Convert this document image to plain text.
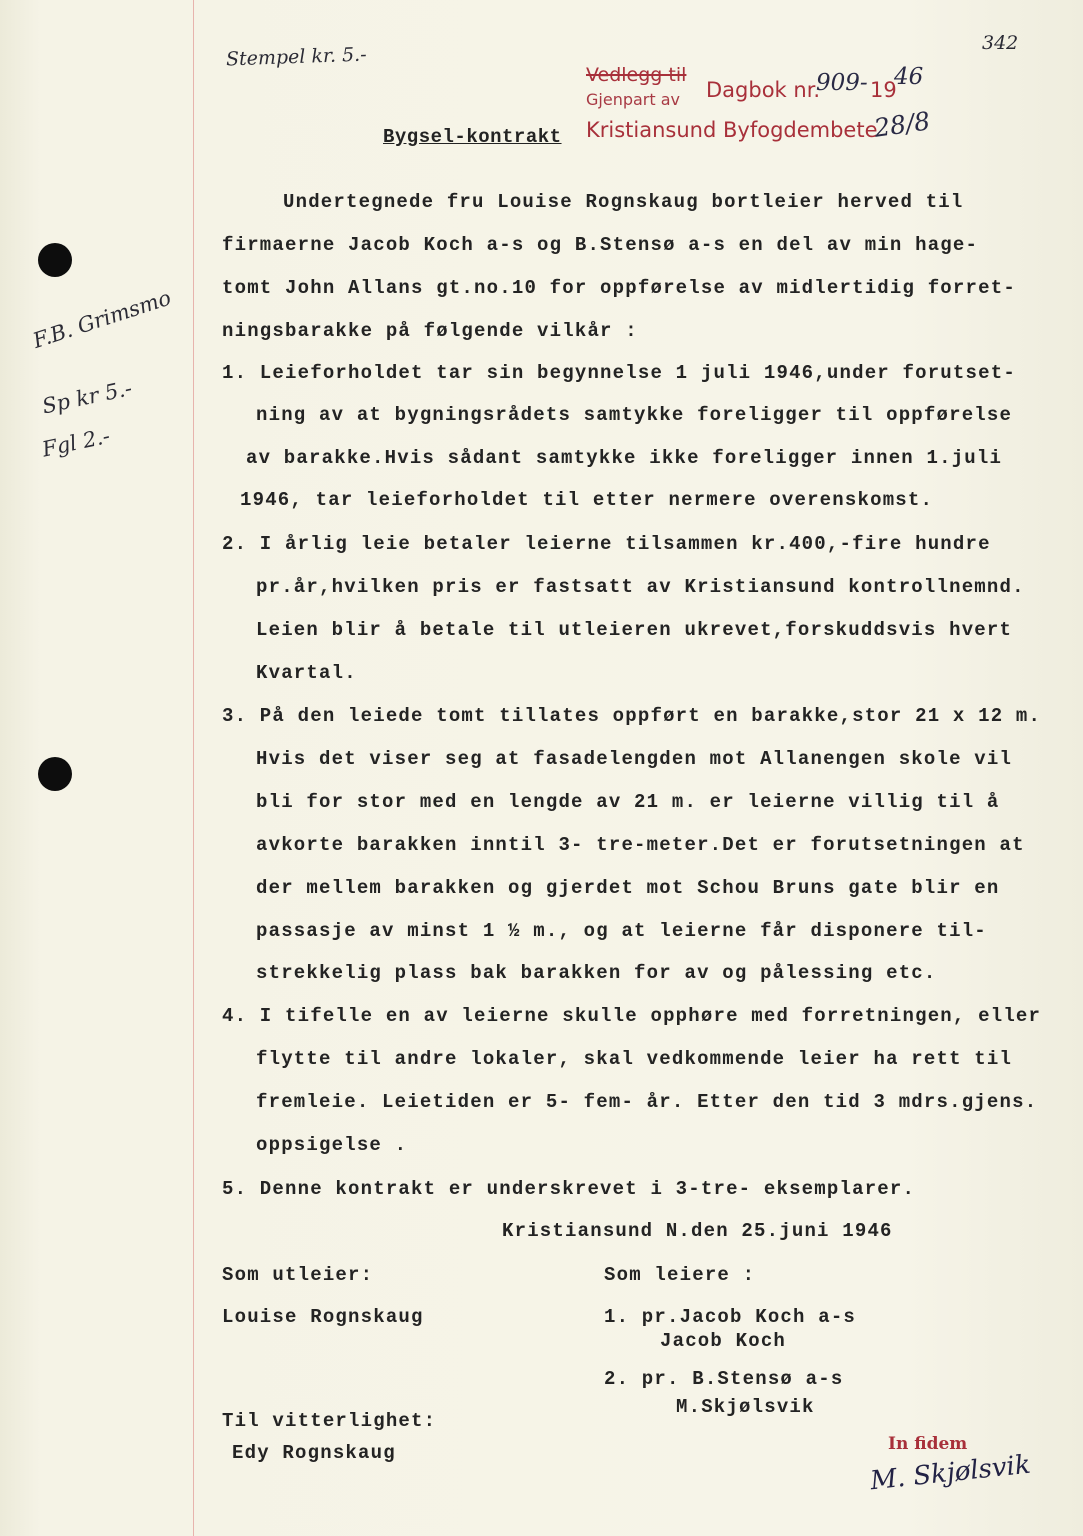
Stempel kr. 5.-
342
F.B. Grimsmo
Sp kr 5.-
Fgl 2.-
Vedlegg til
Gjenpart av Dagbok nr.
909- 19
46
Kristiansund Byfogdembete
28/8
Bygsel-kontrakt
Undertegnede fru Louise Rognskaug bortleier herved til
firmaerne Jacob Koch a-s og B.Stensø a-s en del av min hage-
tomt John Allans gt.no.10 for oppførelse av midlertidig forret-
ningsbarakke på følgende vilkår :
1. Leieforholdet tar sin begynnelse 1 juli 1946,under forutset-
ning av at bygningsrådets samtykke foreligger til oppførelse
av barakke.Hvis sådant samtykke ikke foreligger innen 1.juli
1946, tar leieforholdet til etter nermere overenskomst.
2. I årlig leie betaler leierne tilsammen kr.400,-fire hundre
pr.år,hvilken pris er fastsatt av Kristiansund kontrollnemnd.
Leien blir å betale til utleieren ukrevet,forskuddsvis hvert
Kvartal.
3. På den leiede tomt tillates oppført en barakke,stor 21 x 12 m.
Hvis det viser seg at fasadelengden mot Allanengen skole vil
bli for stor med en lengde av 21 m. er leierne villig til å
avkorte barakken inntil 3- tre-meter.Det er forutsetningen at
der mellem barakken og gjerdet mot Schou Bruns gate blir en
passasje av minst 1 ½ m., og at leierne får disponere til-
strekkelig plass bak barakken for av og pålessing etc.
4. I tifelle en av leierne skulle opphøre med forretningen, eller
flytte til andre lokaler, skal vedkommende leier ha rett til
fremleie. Leietiden er 5- fem- år. Etter den tid 3 mdrs.gjens.
oppsigelse .
5. Denne kontrakt er underskrevet i 3-tre- eksemplarer.
Kristiansund N.den 25.juni 1946
Som utleier:
Louise Rognskaug
Som leiere :
1. pr.Jacob Koch a-s
Jacob Koch
2. pr. B.Stensø a-s
M.Skjølsvik
Til vitterlighet:
Edy Rognskaug	In fidem
M. Skjølsvik
